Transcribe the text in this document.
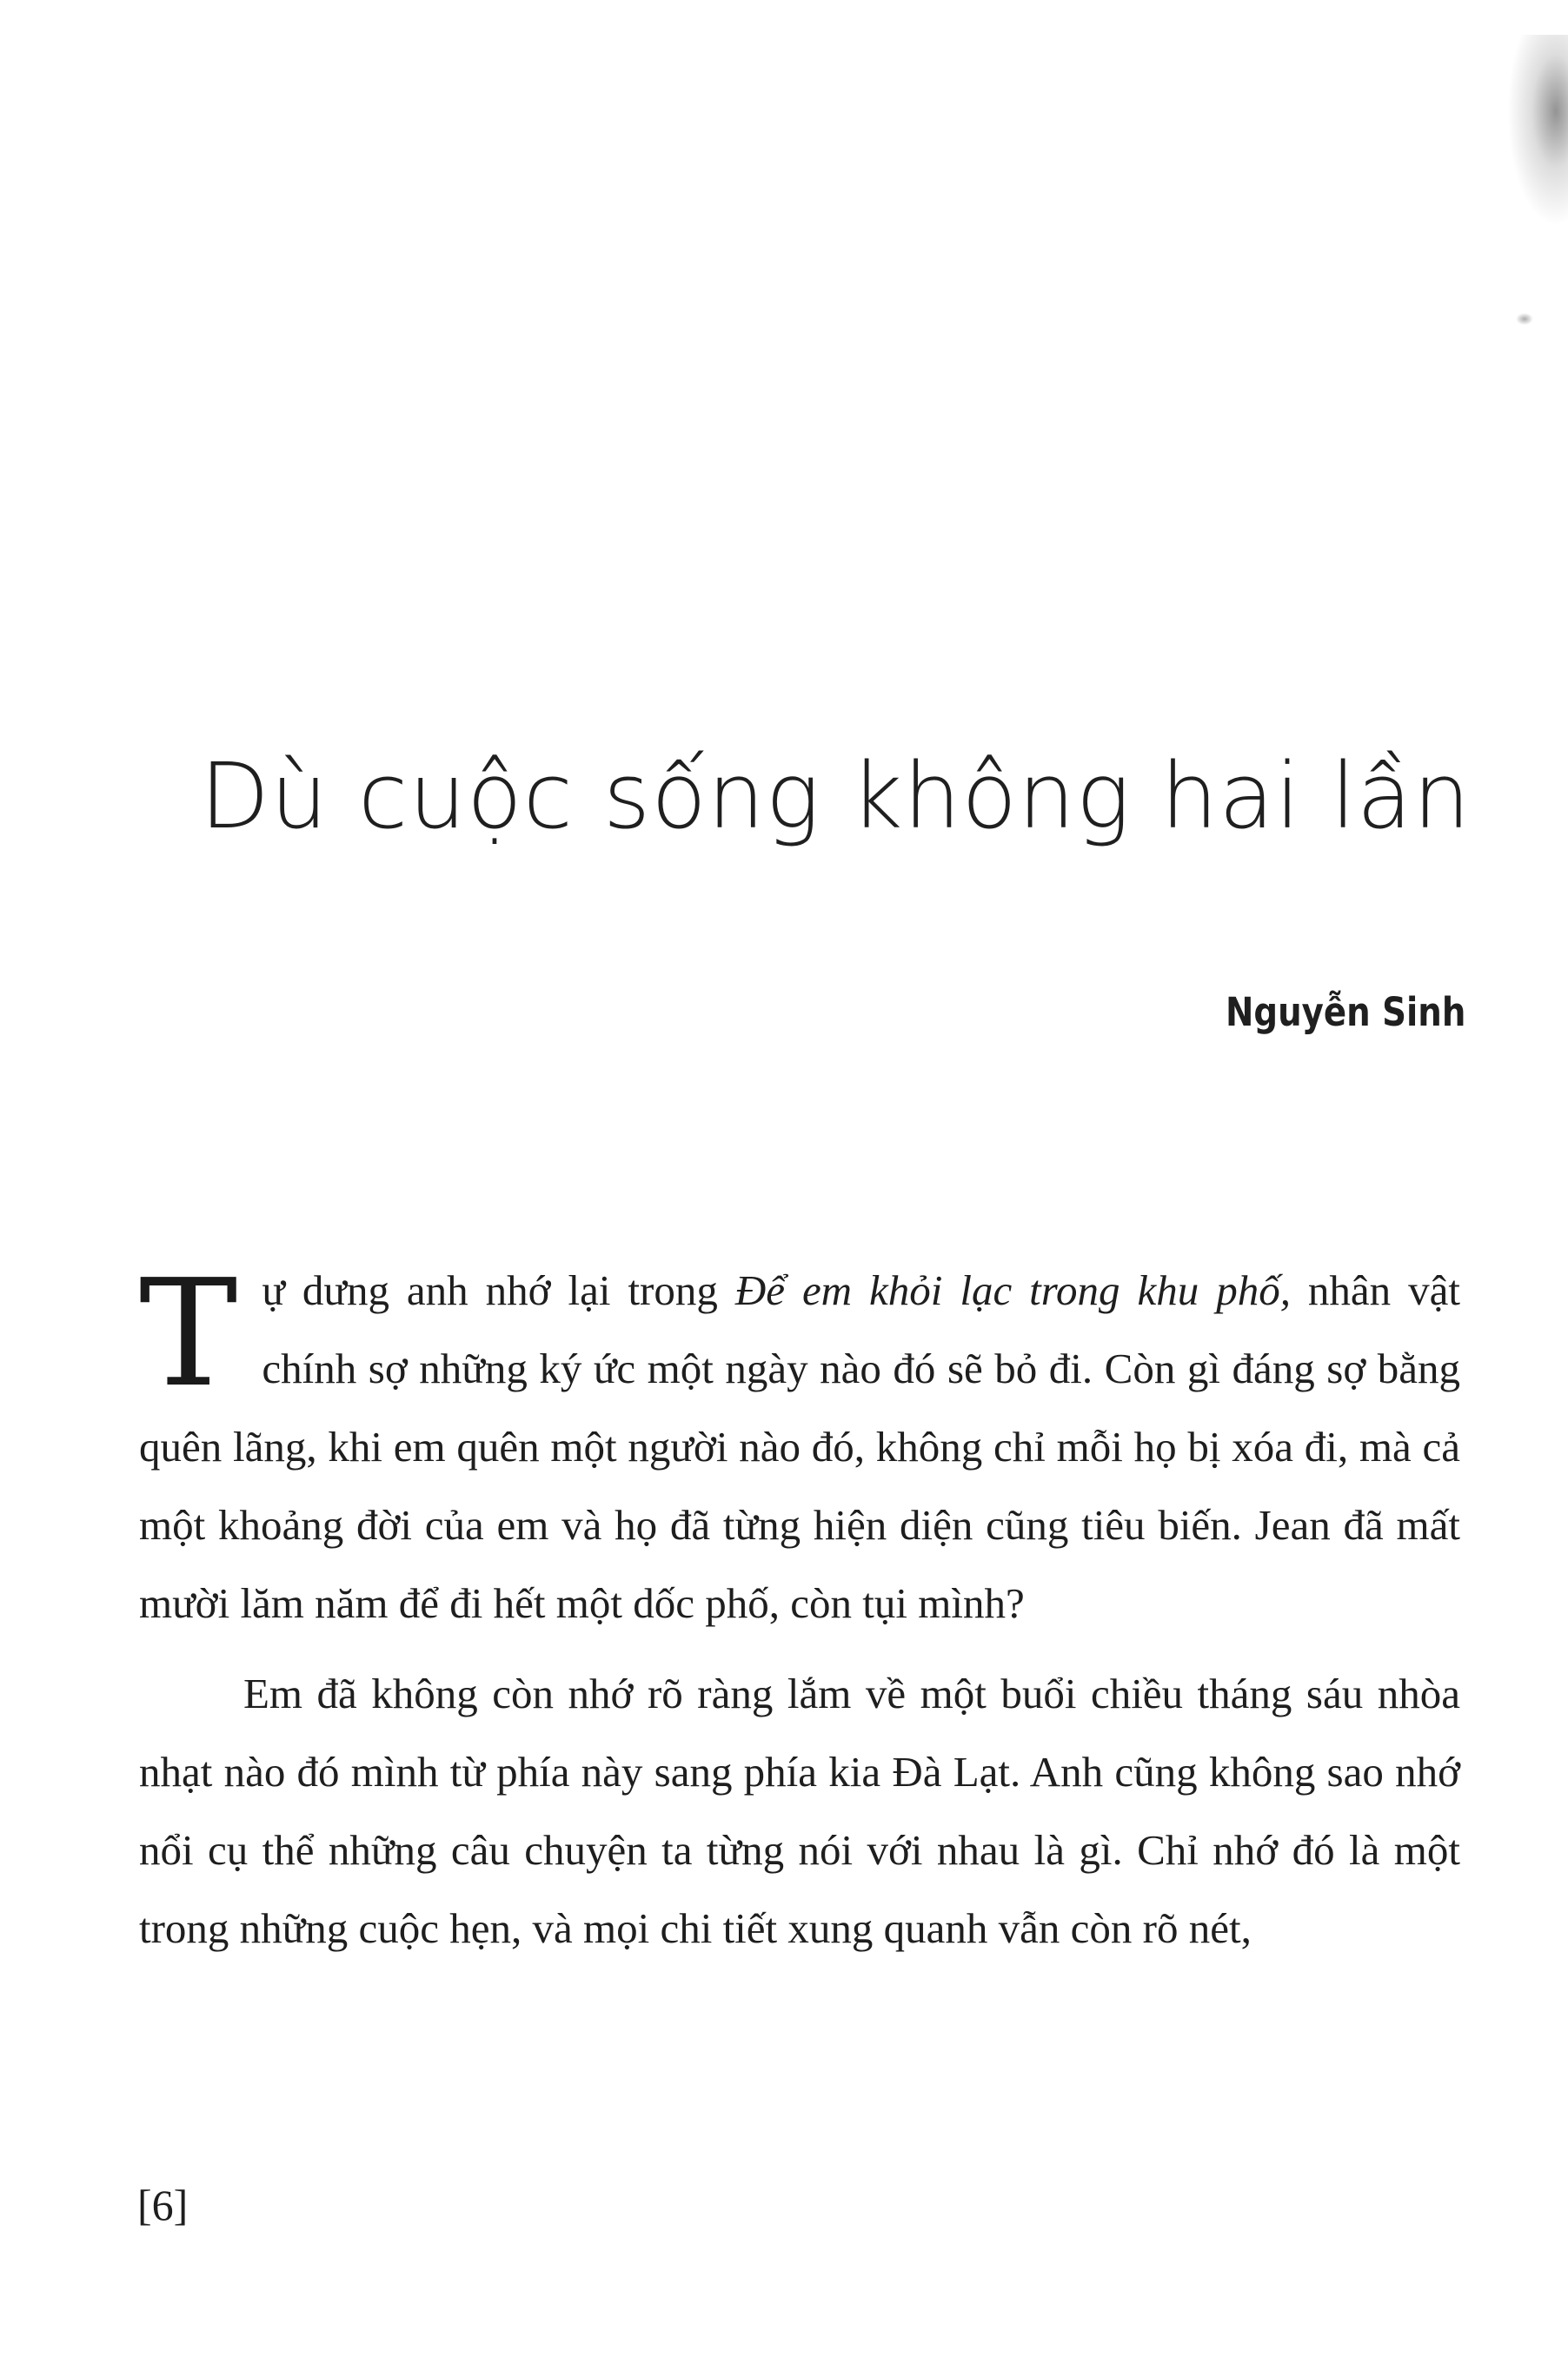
Dù cuộc sống không hai lần
Nguyễn Sinh

Tự dưng anh nhớ lại trong Để em khỏi lạc trong khu phố, nhân vật chính sợ những ký ức một ngày nào đó sẽ bỏ đi. Còn gì đáng sợ bằng quên lãng, khi em quên một người nào đó, không chỉ mỗi họ bị xóa đi, mà cả một khoảng đời của em và họ đã từng hiện diện cũng tiêu biến. Jean đã mất mười lăm năm để đi hết một dốc phố, còn tụi mình?

Em đã không còn nhớ rõ ràng lắm về một buổi chiều tháng sáu nhòa nhạt nào đó mình từ phía này sang phía kia Đà Lạt. Anh cũng không sao nhớ nổi cụ thể những câu chuyện ta từng nói với nhau là gì. Chỉ nhớ đó là một trong những cuộc hẹn, và mọi chi tiết xung quanh vẫn còn rõ nét,

[6]
